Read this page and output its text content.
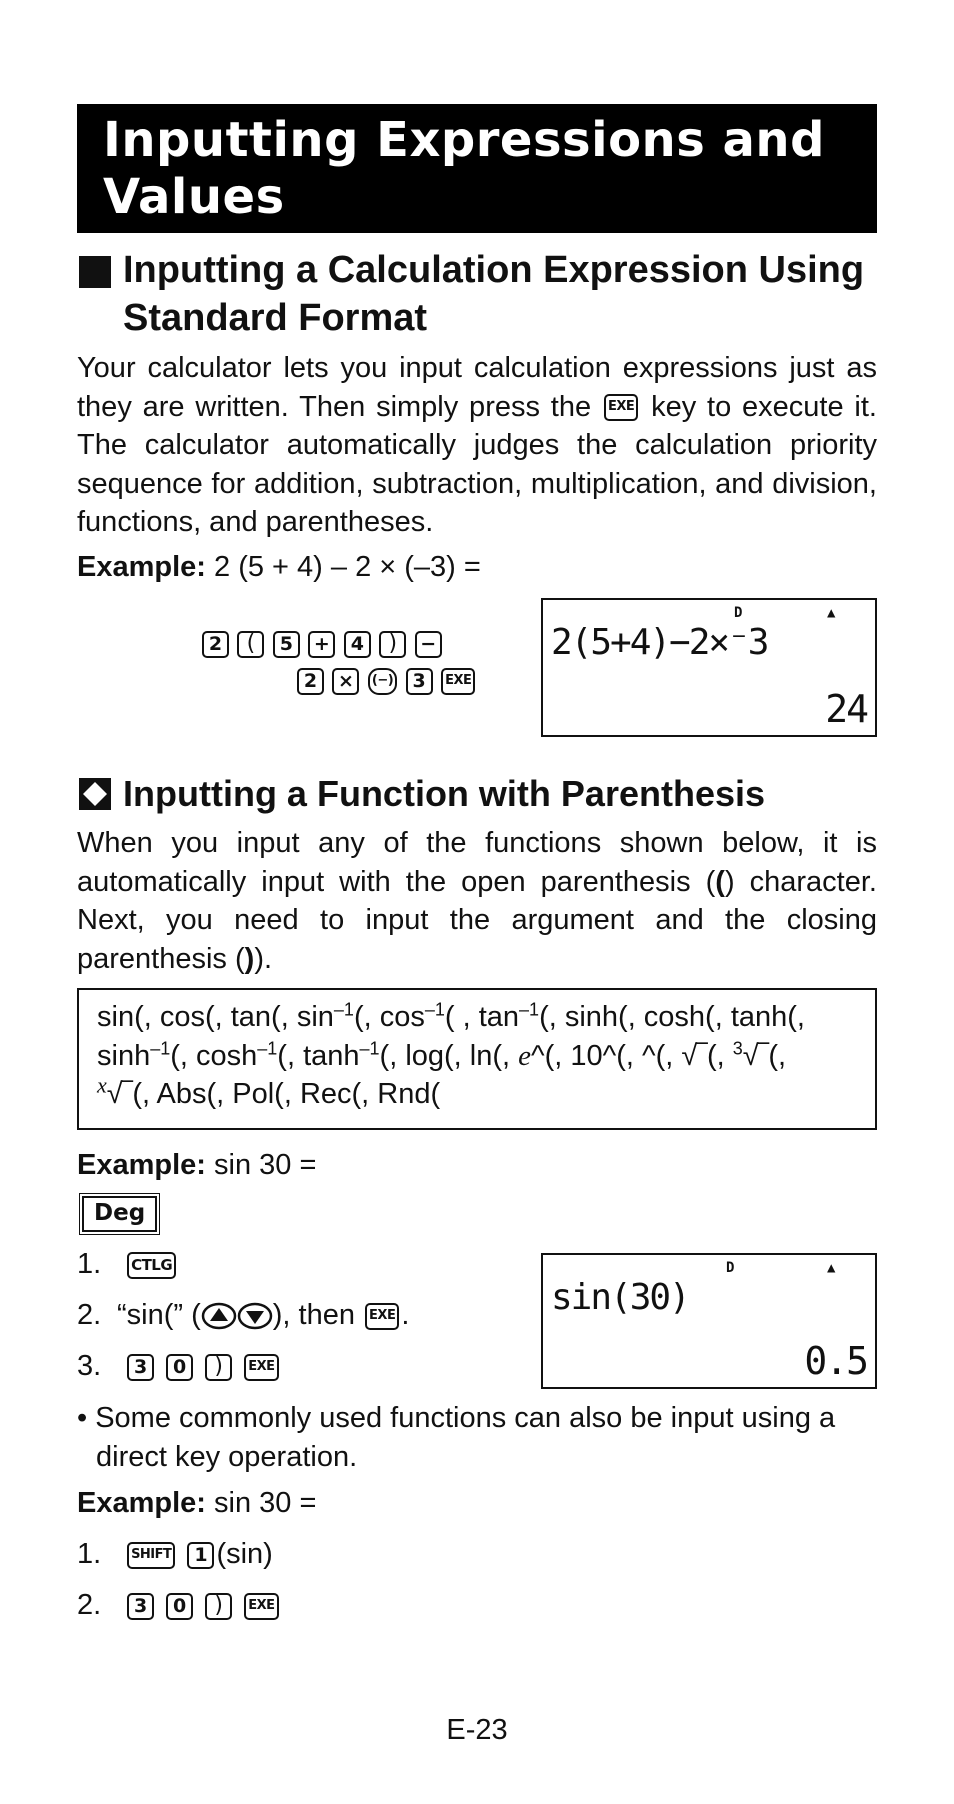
Inputting Expressions and Values
Inputting a Calculation Expression Using Standard Format
Your calculator lets you input calculation expressions just as they are written. Then simply press the EXE key to execute it. The calculator automatically judges the calculation priority sequence for addition, subtraction, multiplication, and division, functions, and parentheses.
Example: 2 (5 + 4) – 2 × (–3) =
2 ( 5 + 4 ) −
2 × (−) 3 EXE
D	▲
2(5+4)−2×⁻3
24
Inputting a Function with Parenthesis
When you input any of the functions shown below, it is automatically input with the open parenthesis (() character. Next, you need to input the argument and the closing parenthesis ()).
sin(, cos(, tan(, $\sin^{-1}$(, $\cos^{-1}$( , $\tan^{-1}$(, sinh(, cosh(, tanh(,
$\sinh^{-1}$(, $\cosh^{-1}$(, $\tanh^{-1}$(, log(, ln(, e^(, 10^(, ^(, √‾(, $^3$√‾(,
$^x$√‾(, Abs(, Pol(, Rec(, Rnd(
Example: sin 30 =
Deg
1. CTLG
2. “sin(” ( ), then EXE .
3. 3 0 ) EXE
D	▲
sin(30)
0.5
• Some commonly used functions can also be input using a direct key operation.
Example: sin 30 =
1. SHIFT 1 (sin)
2. 3 0 ) EXE
E-23
